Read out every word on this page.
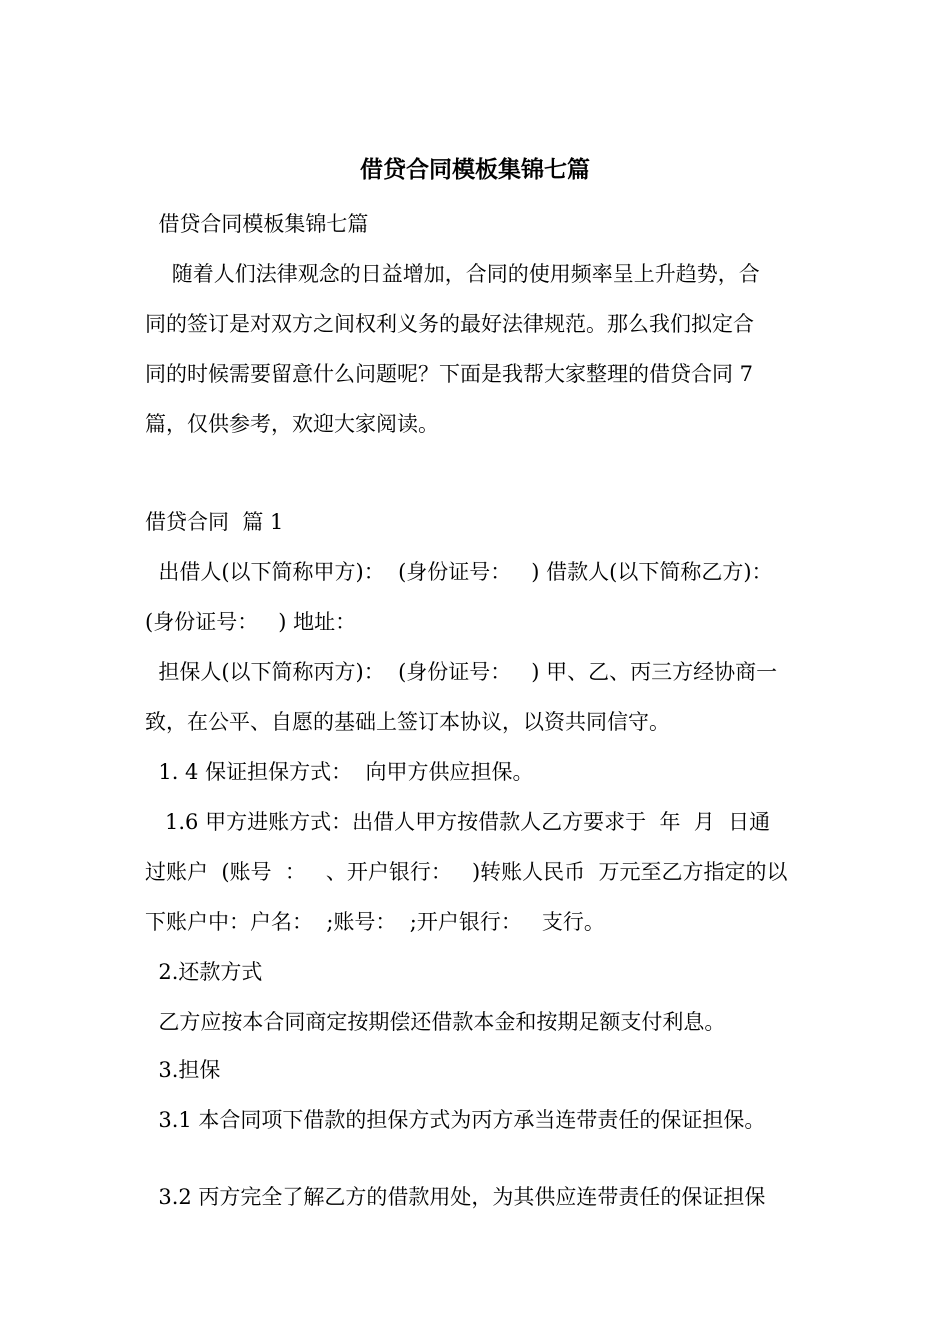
借贷合同模板集锦七篇
借贷合同模板集锦七篇
随着人们法律观念的日益增加，合同的使用频率呈上升趋势，合
同的签订是对双方之间权利义务的最好法律规范。那么我们拟定合
同的时候需要留意什么问题呢？下面是我帮大家整理的借贷合同 7
篇，仅供参考，欢迎大家阅读。
借贷合同  篇 1
出借人(以下简称甲方)：  (身份证号：   ) 借款人(以下简称乙方)：
(身份证号：   ) 地址：
担保人(以下简称丙方)：  (身份证号：   ) 甲、乙、丙三方经协商一
致，在公平、自愿的基础上签订本协议，以资共同信守。
1. 4 保证担保方式：  向甲方供应担保。
1.6 甲方进账方式：出借人甲方按借款人乙方要求于  年  月  日通
过账户  (账号  ：   、开户银行：   )转账人民币  万元至乙方指定的以
下账户中：户名：  ;账号：  ;开户银行：   支行。
2.还款方式
乙方应按本合同商定按期偿还借款本金和按期足额支付利息。
3.担保
3.1 本合同项下借款的担保方式为丙方承当连带责任的保证担保。
3.2 丙方完全了解乙方的借款用处，为其供应连带责任的保证担保
